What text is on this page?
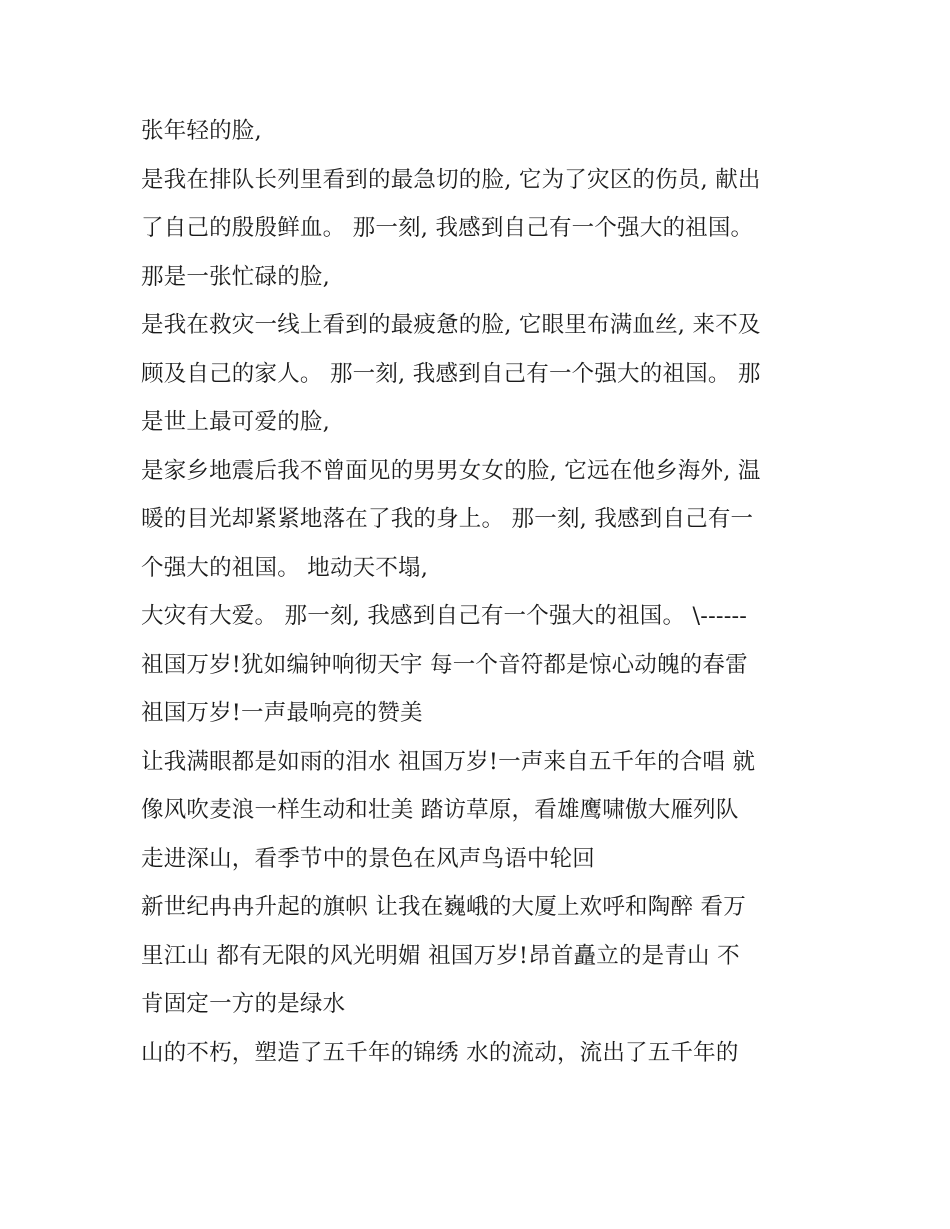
张年轻的脸,

是我在排队长列里看到的最急切的脸, 它为了灾区的伤员, 献出

了自己的殷殷鲜血。 那一刻, 我感到自己有一个强大的祖国。

那是一张忙碌的脸,

是我在救灾一线上看到的最疲惫的脸, 它眼里布满血丝, 来不及

顾及自己的家人。 那一刻, 我感到自己有一个强大的祖国。 那

是世上最可爱的脸,

是家乡地震后我不曾面见的男男女女的脸, 它远在他乡海外, 温

暖的目光却紧紧地落在了我的身上。 那一刻, 我感到自己有一

个强大的祖国。 地动天不塌,

大灾有大爱。 那一刻, 我感到自己有一个强大的祖国。 \------

祖国万岁!犹如编钟响彻天宇 每一个音符都是惊心动魄的春雷

祖国万岁!一声最响亮的赞美

让我满眼都是如雨的泪水 祖国万岁!一声来自五千年的合唱 就

像风吹麦浪一样生动和壮美 踏访草原，看雄鹰啸傲大雁列队

走进深山，看季节中的景色在风声鸟语中轮回

新世纪冉冉升起的旗帜 让我在巍峨的大厦上欢呼和陶醉 看万

里江山 都有无限的风光明媚 祖国万岁!昂首矗立的是青山 不

肯固定一方的是绿水

山的不朽，塑造了五千年的锦绣 水的流动，流出了五千年的
